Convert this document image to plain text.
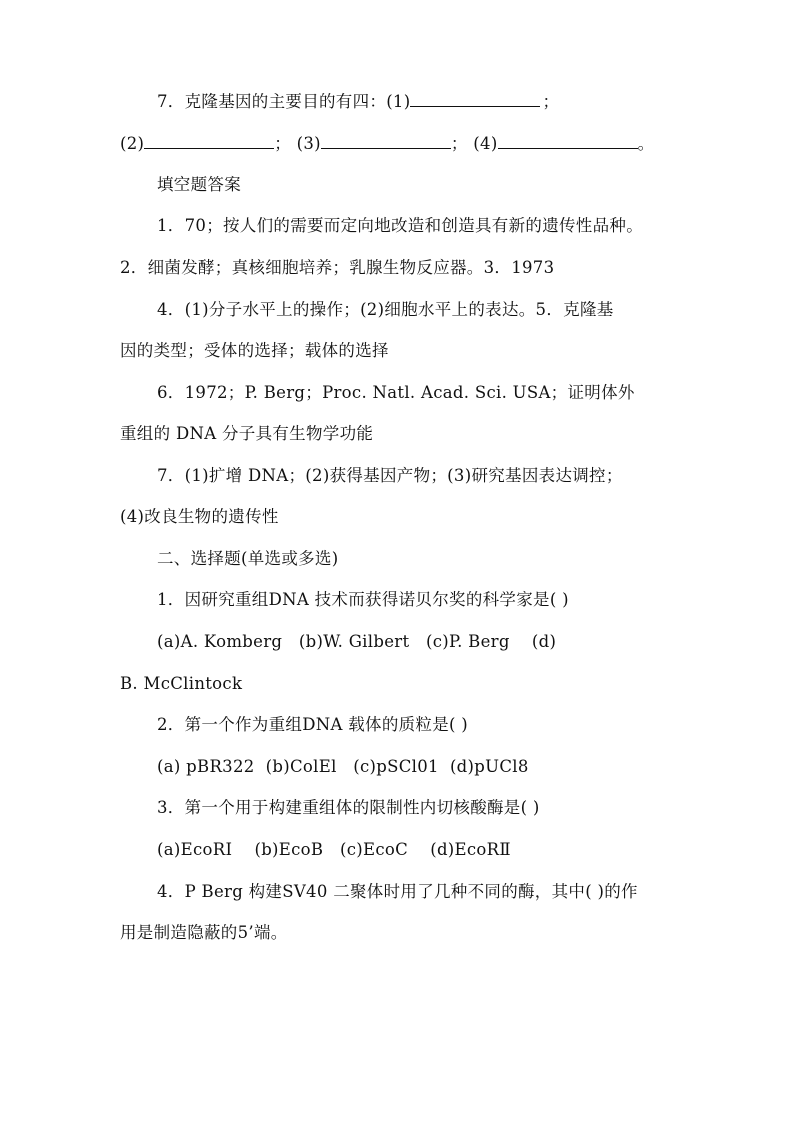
7．克隆基因的主要目的有四：(1)	；
(2)	； (3)	； (4)	。
填空题答案
1．70；按人们的需要而定向地改造和创造具有新的遗传性品种。
2．细菌发酵；真核细胞培养；乳腺生物反应器。3．1973
4．(1)分子水平上的操作；(2)细胞水平上的表达。5．克隆基
因的类型；受体的选择；载体的选择
6．1972；P. Berg；Proc. Natl. Acad. Sci. USA；证明体外
重组的 DNA 分子具有生物学功能
7．(1)扩增 DNA；(2)获得基因产物；(3)研究基因表达调控；
(4)改良生物的遗传性
二、选择题(单选或多选)
1．因研究重组DNA 技术而获得诺贝尔奖的科学家是( )
(a)A. Komberg   (b)W. Gilbert   (c)P. Berg    (d)
B. McClintock
2．第一个作为重组DNA 载体的质粒是( )
(a) pBR322  (b)ColEl   (c)pSCl01  (d)pUCl8
3．第一个用于构建重组体的限制性内切核酸酶是( )
(a)EcoRI    (b)EcoB   (c)EcoC    (d)EcoRⅡ
4．P Berg 构建SV40 二聚体时用了几种不同的酶，其中( )的作
用是制造隐蔽的5’端。
